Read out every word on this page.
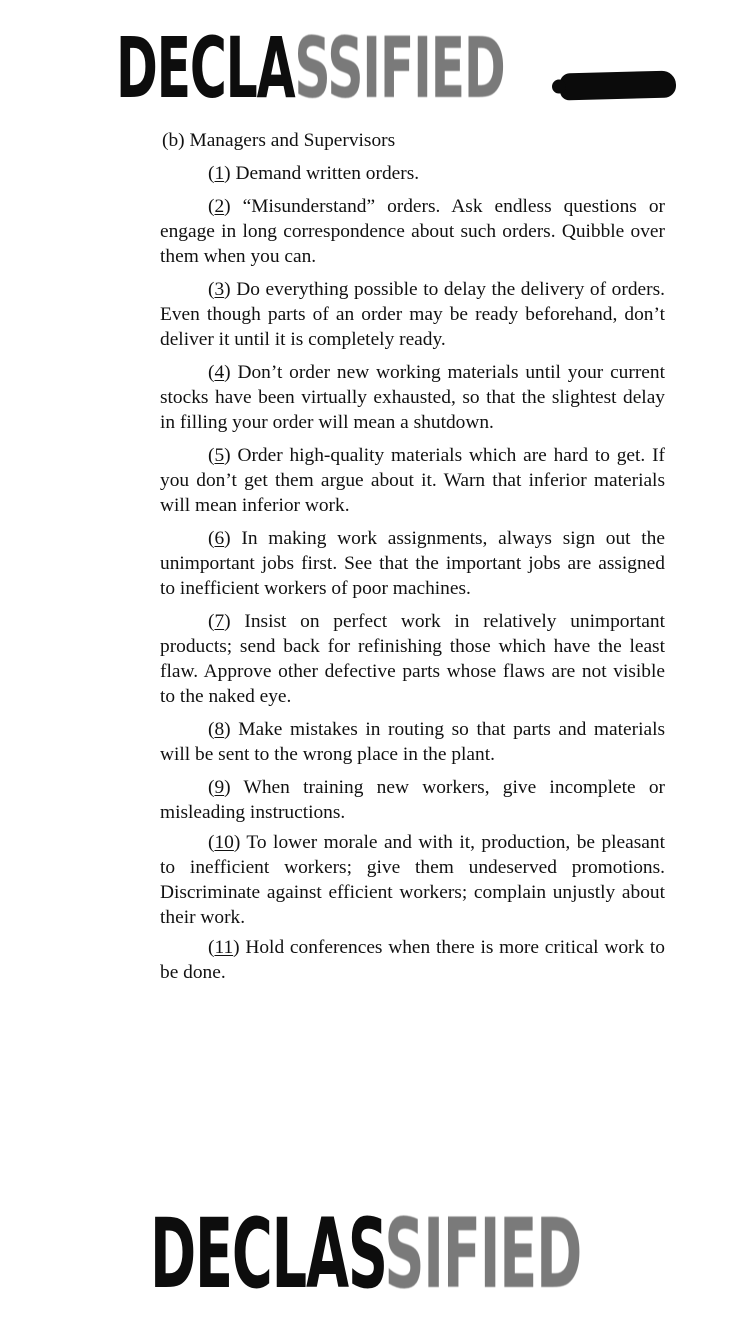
DECLASSIFIED

(b) Managers and Supervisors

(1) Demand written orders.

(2) “Misunderstand” orders. Ask endless questions or engage in long correspondence about such orders. Quibble over them when you can.

(3) Do everything possible to delay the delivery of orders. Even though parts of an order may be ready beforehand, don’t deliver it until it is completely ready.

(4) Don’t order new working materials until your current stocks have been virtually exhausted, so that the slightest delay in filling your order will mean a shutdown.

(5) Order high-quality materials which are hard to get. If you don’t get them argue about it. Warn that inferior materials will mean inferior work.

(6) In making work assignments, always sign out the unimportant jobs first. See that the important jobs are assigned to inefficient workers of poor machines.

(7) Insist on perfect work in relatively unimportant products; send back for refinishing those which have the least flaw. Approve other defective parts whose flaws are not visible to the naked eye.

(8) Make mistakes in routing so that parts and materials will be sent to the wrong place in the plant.

(9) When training new workers, give incomplete or misleading instructions.

(10) To lower morale and with it, production, be pleasant to inefficient workers; give them undeserved promotions. Discriminate against efficient workers; complain unjustly about their work.

(11) Hold conferences when there is more critical work to be done.

DECLASSIFIED
